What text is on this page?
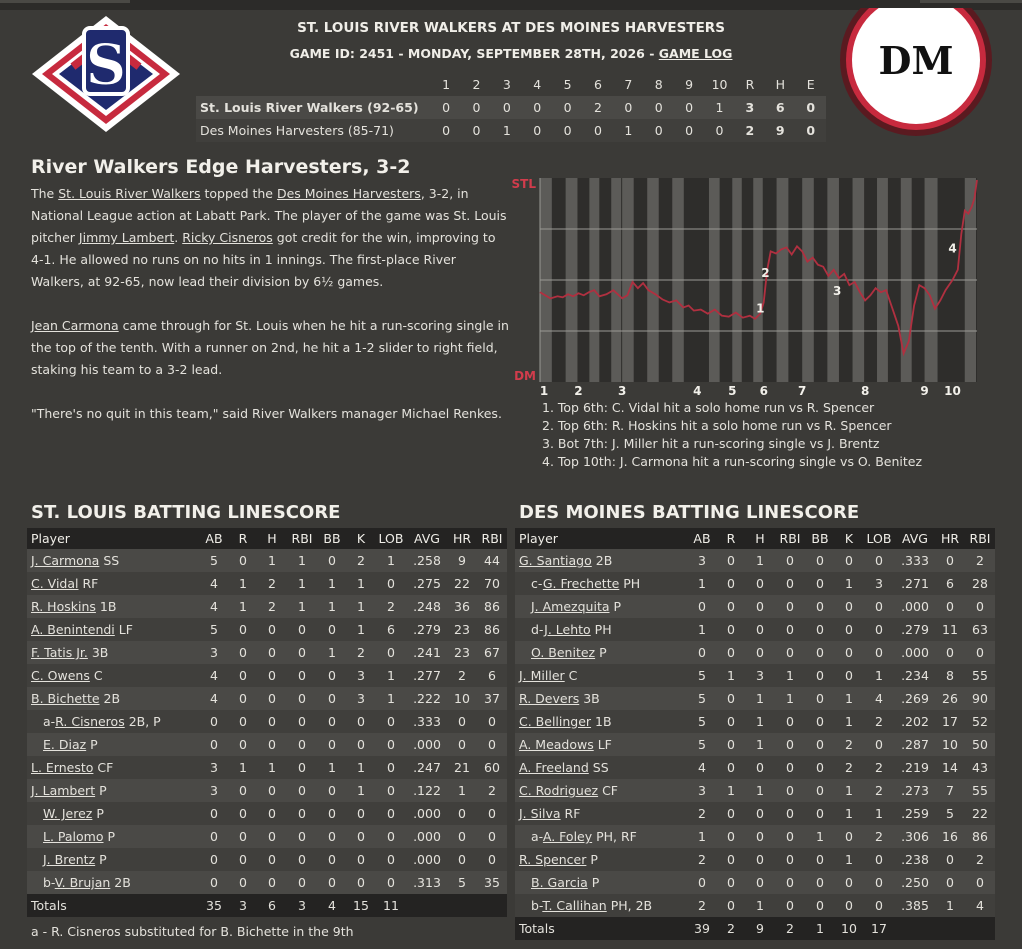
S	DM
ST. LOUIS RIVER WALKERS AT DES MOINES HARVESTERS
GAME ID: 2451 - MONDAY, SEPTEMBER 28TH, 2026 - GAME LOG
	1	2	3	4	5	6	7	8	9	10	R	H	E
St. Louis River Walkers (92-65)	0	0	0	0	0	2	0	0	0	1	3	6	0
Des Moines Harvesters (85-71)	0	0	1	0	0	0	1	0	0	0	2	9	0
River Walkers Edge Harvesters, 3-2
The St. Louis River Walkers topped the Des Moines Harvesters, 3-2, in National League action at Labatt Park. The player of the game was St. Louis pitcher Jimmy Lambert. Ricky Cisneros got credit for the win, improving to 4-1. He allowed no runs on no hits in 1 innings. The first-place River Walkers, at 92-65, now lead their division by 6½ games.
Jean Carmona came through for St. Louis when he hit a run-scoring single in the top of the tenth. With a runner on 2nd, he hit a 1-2 slider to right field, staking his team to a 3-2 lead.
"There's no quit in this team," said River Walkers manager Michael Renkes.
STL
DM
1
2
3
4
1 2	3	4 5 6	7	8	9 10
1. Top 6th: C. Vidal hit a solo home run vs R. Spencer
2. Top 6th: R. Hoskins hit a solo home run vs R. Spencer
3. Bot 7th: J. Miller hit a run-scoring single vs J. Brentz
4. Top 10th: J. Carmona hit a run-scoring single vs O. Benitez
ST. LOUIS BATTING LINESCORE
Player	AB	R	H	RBI	BB	K	LOB	AVG	HR	RBI
J. Carmona SS	5	0	1	1	0	2	1	.258	9	44
C. Vidal RF	4	1	2	1	1	1	0	.275	22	70
R. Hoskins 1B	4	1	2	1	1	1	2	.248	36	86
A. Benintendi LF	5	0	0	0	0	1	6	.279	23	86
F. Tatis Jr. 3B	3	0	0	0	1	2	0	.241	23	67
C. Owens C	4	0	0	0	0	3	1	.277	2	6
B. Bichette 2B	4	0	0	0	0	3	1	.222	10	37
a-R. Cisneros 2B, P	0	0	0	0	0	0	0	.333	0	0
E. Diaz P	0	0	0	0	0	0	0	.000	0	0
L. Ernesto CF	3	1	1	0	1	1	0	.247	21	60
J. Lambert P	3	0	0	0	0	1	0	.122	1	2
W. Jerez P	0	0	0	0	0	0	0	.000	0	0
L. Palomo P	0	0	0	0	0	0	0	.000	0	0
J. Brentz P	0	0	0	0	0	0	0	.000	0	0
b-V. Brujan 2B	0	0	0	0	0	0	0	.313	5	35
Totals	35	3	6	3	4	15	11			
a - R. Cisneros substituted for B. Bichette in the 9th
DES MOINES BATTING LINESCORE
Player	AB	R	H	RBI	BB	K	LOB	AVG	HR	RBI
G. Santiago 2B	3	0	1	0	0	0	0	.333	0	2
c-G. Frechette PH	1	0	0	0	0	1	3	.271	6	28
J. Amezquita P	0	0	0	0	0	0	0	.000	0	0
d-J. Lehto PH	1	0	0	0	0	0	0	.279	11	63
O. Benitez P	0	0	0	0	0	0	0	.000	0	0
J. Miller C	5	1	3	1	0	0	1	.234	8	55
R. Devers 3B	5	0	1	1	0	1	4	.269	26	90
C. Bellinger 1B	5	0	1	0	0	1	2	.202	17	52
A. Meadows LF	5	0	1	0	0	2	0	.287	10	50
A. Freeland SS	4	0	0	0	0	2	2	.219	14	43
C. Rodriguez CF	3	1	1	0	0	1	2	.273	7	55
J. Silva RF	2	0	0	0	0	1	1	.259	5	22
a-A. Foley PH, RF	1	0	0	0	1	0	2	.306	16	86
R. Spencer P	2	0	0	0	0	1	0	.238	0	2
B. Garcia P	0	0	0	0	0	0	0	.250	0	0
b-T. Callihan PH, 2B	2	0	1	0	0	0	0	.385	1	4
Totals	39	2	9	2	1	10	17			
